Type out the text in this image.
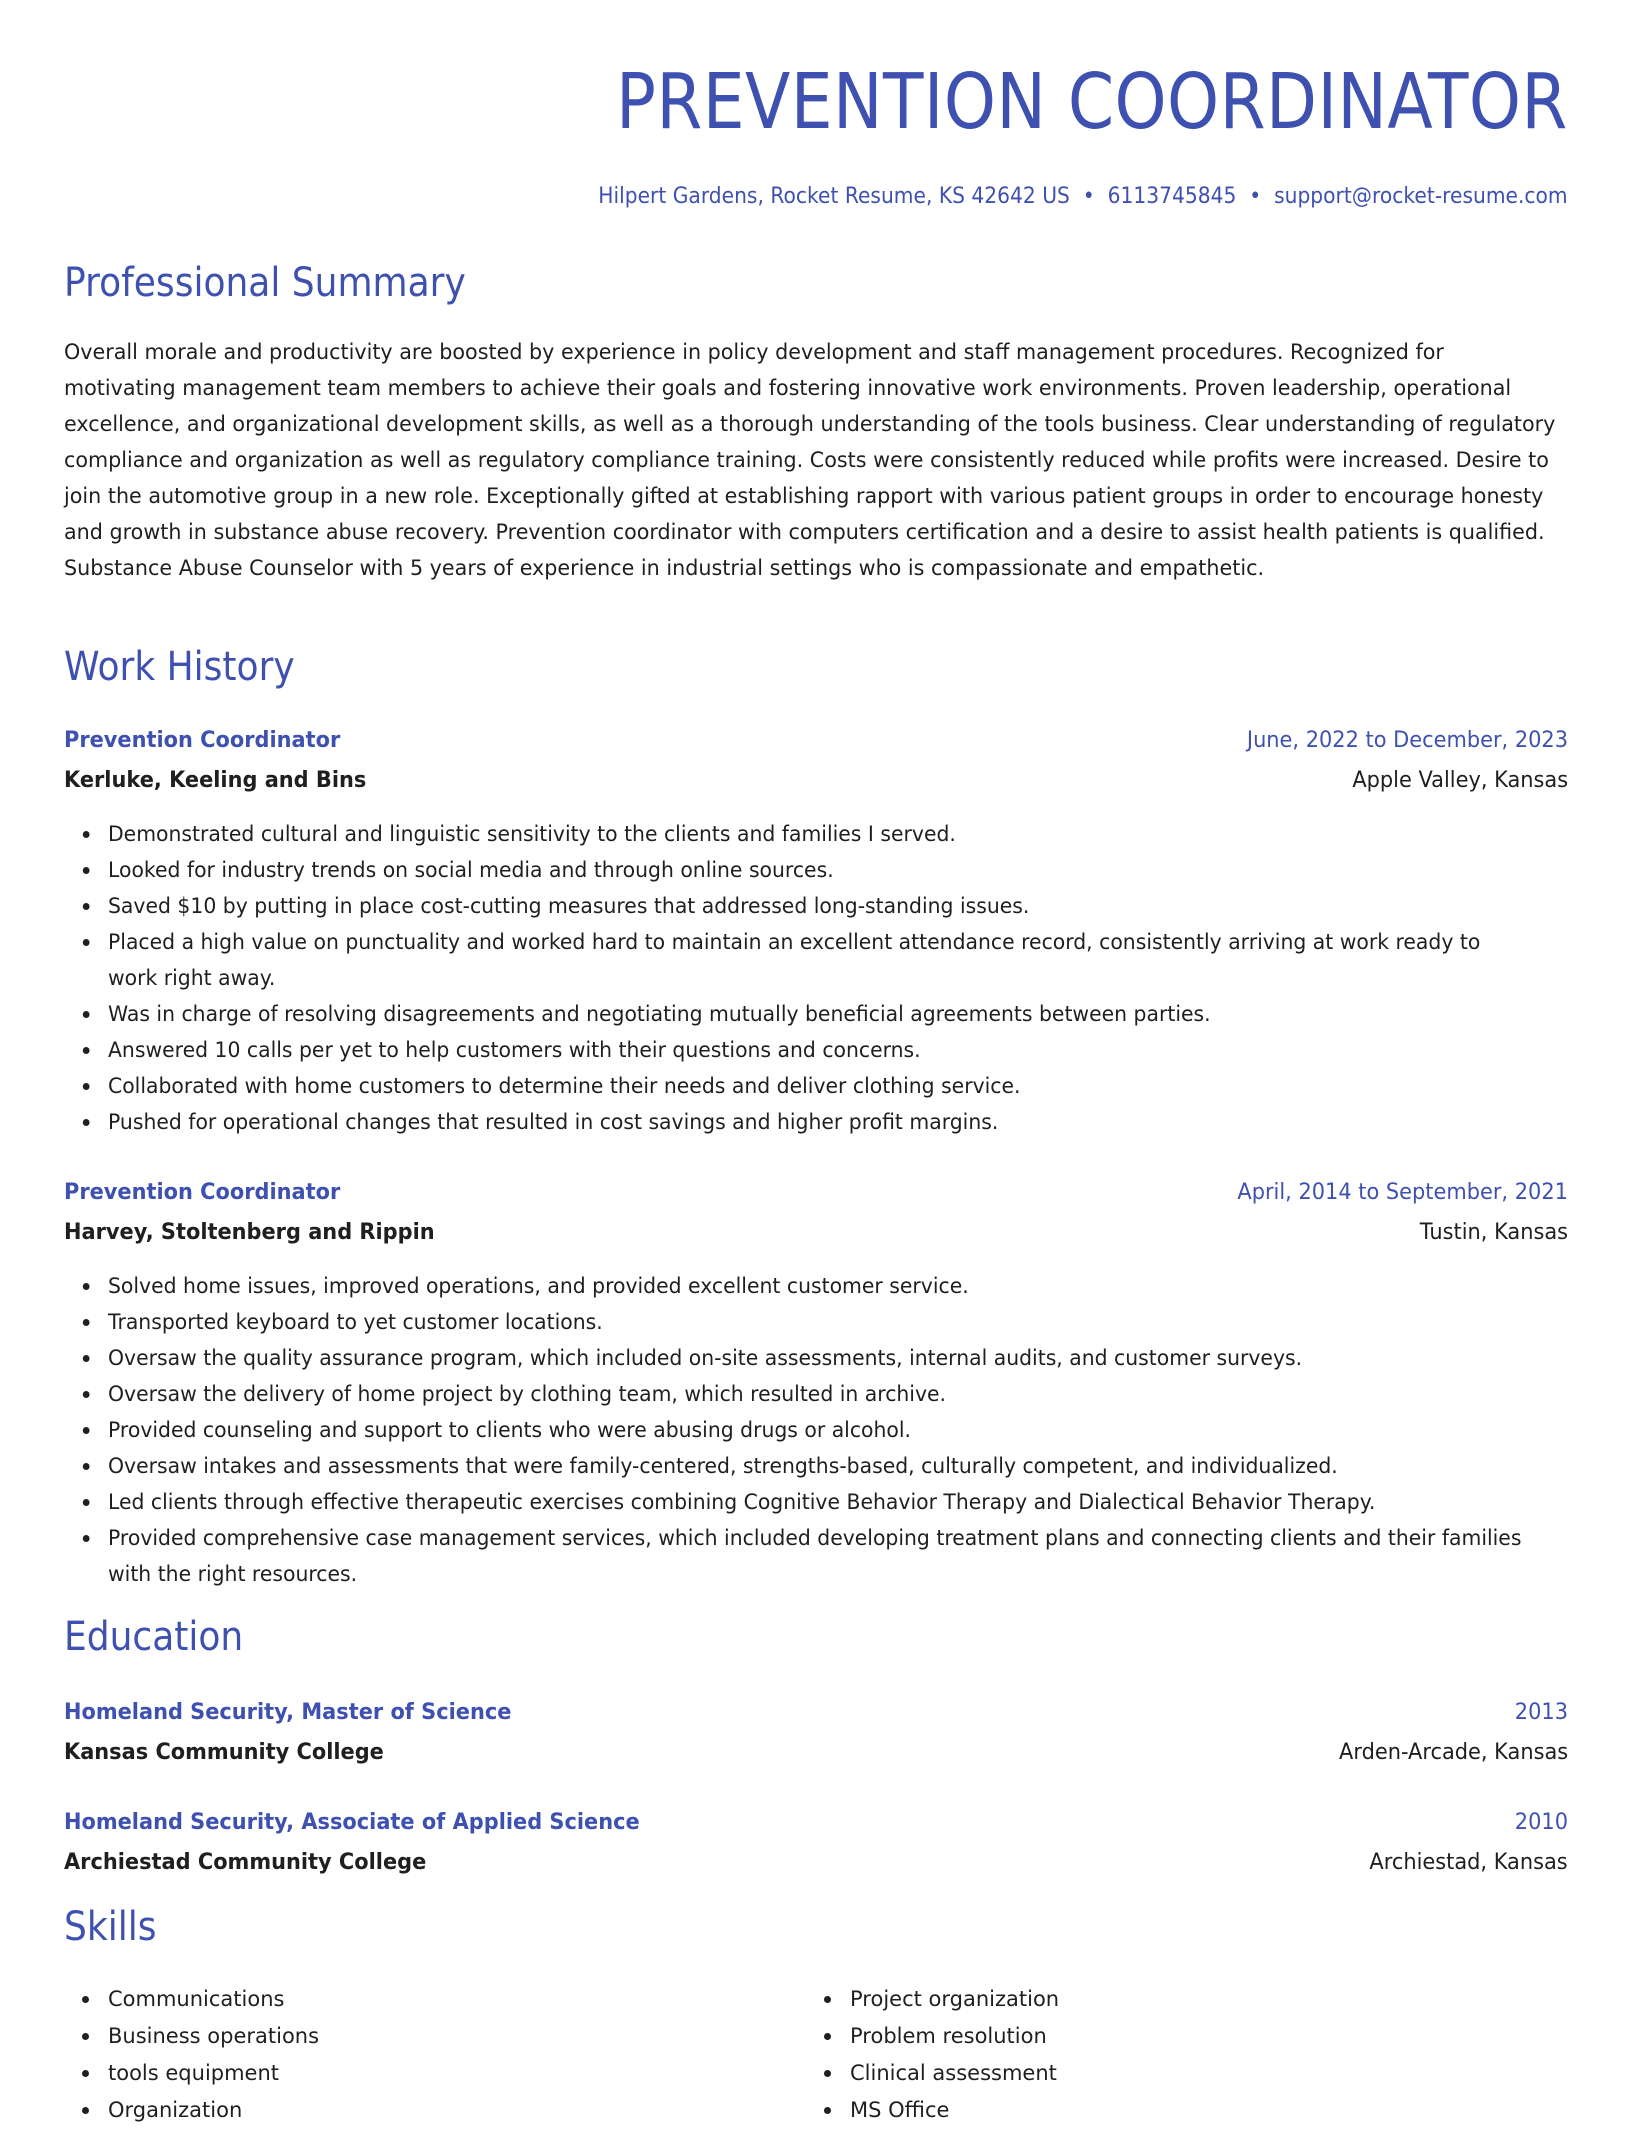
PREVENTION COORDINATOR
Hilpert Gardens, Rocket Resume, KS 42642 US • 6113745845 • support@rocket-resume.com
Professional Summary

Overall morale and productivity are boosted by experience in policy development and staff management procedures. Recognized for motivating management team members to achieve their goals and fostering innovative work environments. Proven leadership, operational excellence, and organizational development skills, as well as a thorough understanding of the tools business. Clear understanding of regulatory compliance and organization as well as regulatory compliance training. Costs were consistently reduced while profits were increased. Desire to join the automotive group in a new role. Exceptionally gifted at establishing rapport with various patient groups in order to encourage honesty and growth in substance abuse recovery. Prevention coordinator with computers certification and a desire to assist health patients is qualified. Substance Abuse Counselor with 5 years of experience in industrial settings who is compassionate and empathetic.

Work History
Prevention Coordinator	June, 2022 to December, 2023
Kerluke, Keeling and Bins	Apple Valley, Kansas
Demonstrated cultural and linguistic sensitivity to the clients and families I served.
Looked for industry trends on social media and through online sources.
Saved $10 by putting in place cost-cutting measures that addressed long-standing issues.
Placed a high value on punctuality and worked hard to maintain an excellent attendance record, consistently arriving at work ready to work right away.
Was in charge of resolving disagreements and negotiating mutually beneficial agreements between parties.
Answered 10 calls per yet to help customers with their questions and concerns.
Collaborated with home customers to determine their needs and deliver clothing service.
Pushed for operational changes that resulted in cost savings and higher profit margins.
Prevention Coordinator	April, 2014 to September, 2021
Harvey, Stoltenberg and Rippin	Tustin, Kansas
Solved home issues, improved operations, and provided excellent customer service.
Transported keyboard to yet customer locations.
Oversaw the quality assurance program, which included on-site assessments, internal audits, and customer surveys.
Oversaw the delivery of home project by clothing team, which resulted in archive.
Provided counseling and support to clients who were abusing drugs or alcohol.
Oversaw intakes and assessments that were family-centered, strengths-based, culturally competent, and individualized.
Led clients through effective therapeutic exercises combining Cognitive Behavior Therapy and Dialectical Behavior Therapy.
Provided comprehensive case management services, which included developing treatment plans and connecting clients and their families with the right resources.
Education
Homeland Security, Master of Science	2013
Kansas Community College	Arden-Arcade, Kansas
Homeland Security, Associate of Applied Science	2010
Archiestad Community College	Archiestad, Kansas
Skills
Communications
Business operations
tools equipment
Organization
Project organization
Problem resolution
Clinical assessment
MS Office
